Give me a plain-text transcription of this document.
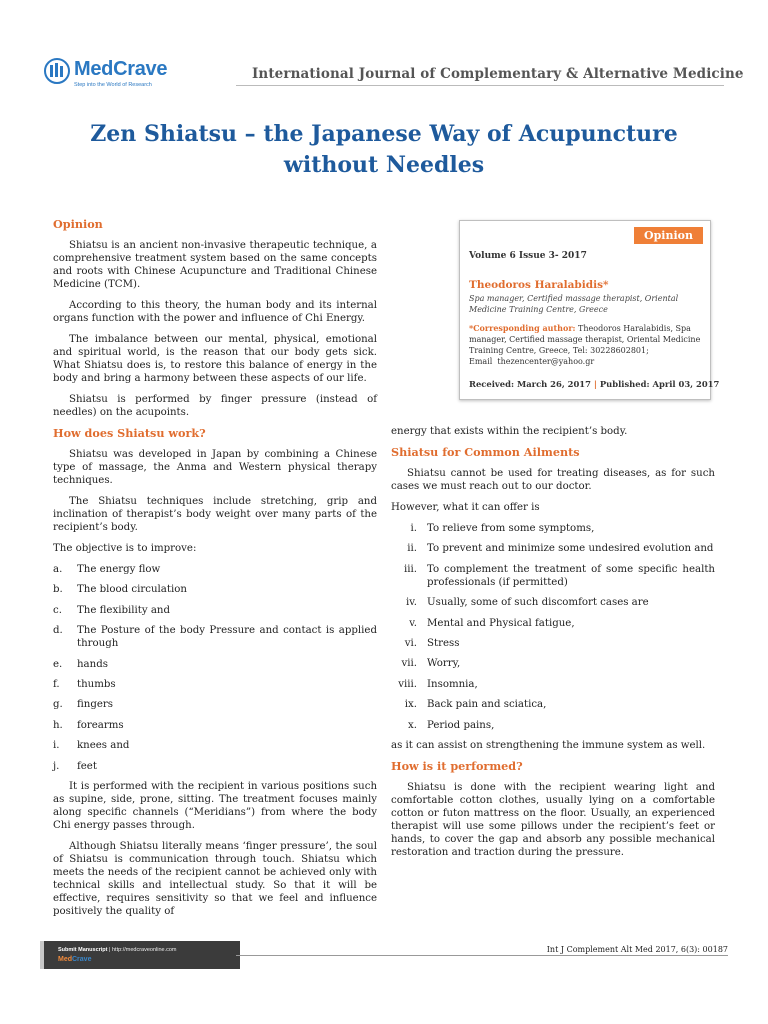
MedCrave
Step into the World of Research
International Journal of Complementary & Alternative Medicine
Zen Shiatsu – the Japanese Way of Acupuncture without Needles
Opinion

Shiatsu is an ancient non-invasive therapeutic technique, a comprehensive treatment system based on the same concepts and roots with Chinese Acupuncture and Traditional Chinese Medicine (TCM).

According to this theory, the human body and its internal organs function with the power and influence of Chi Energy.

The imbalance between our mental, physical, emotional and spiritual world, is the reason that our body gets sick. What Shiatsu does is, to restore this balance of energy in the body and bring a harmony between these aspects of our life.

Shiatsu is performed by finger pressure (instead of needles) on the acupoints.

How does Shiatsu work?

Shiatsu was developed in Japan by combining a Chinese type of massage, the Anma and Western physical therapy techniques.

The Shiatsu techniques include stretching, grip and inclination of therapist’s body weight over many parts of the recipient’s body.

The objective is to improve:

a.	The energy flow
b.	The blood circulation
c.	The flexibility and
d.	The Posture of the body Pressure and contact is applied through
e.	hands
f.	thumbs
g.	fingers
h.	forearms
i.	knees and
j.	feet

It is performed with the recipient in various positions such as supine, side, prone, sitting. The treatment focuses mainly along specific channels (“Meridians”) from where the body Chi energy passes through.

Although Shiatsu literally means ‘finger pressure’, the soul of Shiatsu is communication through touch. Shiatsu which meets the needs of the recipient cannot be achieved only with technical skills and intellectual study. So that it will be effective, requires sensitivity so that we feel and influence positively the quality of

Opinion
Volume 6 Issue 3- 2017
Theodoros Haralabidis*
Spa manager, Certified massage therapist, Oriental Medicine Training Centre, Greece
*Corresponding author: Theodoros Haralabidis, Spa manager, Certified massage therapist, Oriental Medicine Training Centre, Greece, Tel: 30228602801;
Email thezencenter@yahoo.gr
Received: March 26, 2017 | Published: April 03, 2017

energy that exists within the recipient’s body.

Shiatsu for Common Ailments

Shiatsu cannot be used for treating diseases, as for such cases we must reach out to our doctor.

However, what it can offer is

i. To relieve from some symptoms,
ii. To prevent and minimize some undesired evolution and
iii. To complement the treatment of some specific health professionals (if permitted)
iv. Usually, some of such discomfort cases are
v. Mental and Physical fatigue,
vi. Stress
vii. Worry,
viii. Insomnia,
ix. Back pain and sciatica,
x. Period pains,

as it can assist on strengthening the immune system as well.

How is it performed?

Shiatsu is done with the recipient wearing light and comfortable cotton clothes, usually lying on a comfortable cotton or futon mattress on the floor. Usually, an experienced therapist will use some pillows under the recipient’s feet or hands, to cover the gap and absorb any possible mechanical restoration and traction during the pressure.

Submit Manuscript | http://medcraveonline.com
MedCrave
Int J Complement Alt Med 2017, 6(3): 00187
